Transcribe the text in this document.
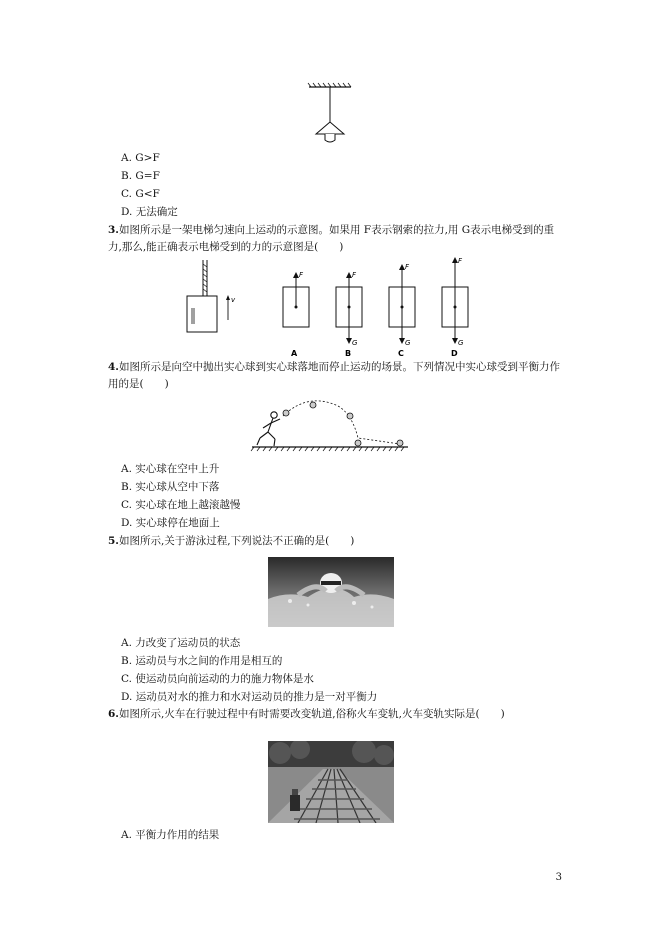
A. G>F
B. G=F
C. G<F
D. 无法确定
3.如图所示是一架电梯匀速向上运动的示意图。如果用 F表示钢索的拉力,用 G表示电梯受到的重力,那么,能正确表示电梯受到的力的示意图是(　　)
v
F
A
F
G
B
F
G
C
F
G
D
4.如图所示是向空中抛出实心球到实心球落地而停止运动的场景。下列情况中实心球受到平衡力作用的是(　　)
A. 实心球在空中上升
B. 实心球从空中下落
C. 实心球在地上越滚越慢
D. 实心球停在地面上
5.如图所示,关于游泳过程,下列说法不正确的是(　　)
A. 力改变了运动员的状态
B. 运动员与水之间的作用是相互的
C. 使运动员向前运动的力的施力物体是水
D. 运动员对水的推力和水对运动员的推力是一对平衡力
6.如图所示,火车在行驶过程中有时需要改变轨道,俗称火车变轨,火车变轨实际是(　　)
A. 平衡力作用的结果
3
